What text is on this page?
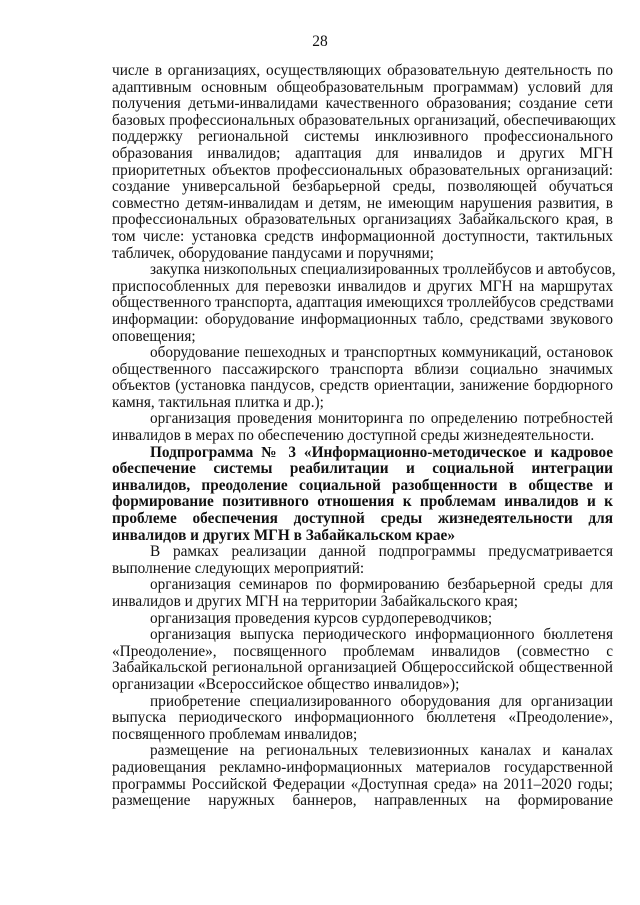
28
числе в организациях, осуществляющих образовательную деятельность по
адаптивным основным общеобразовательным программам) условий для
получения детьми-инвалидами качественного образования; создание сети
базовых профессиональных образовательных организаций, обеспечивающих
поддержку региональной системы инклюзивного профессионального
образования инвалидов; адаптация для инвалидов и других МГН
приоритетных объектов профессиональных образовательных организаций:
создание универсальной безбарьерной среды, позволяющей обучаться
совместно детям-инвалидам и детям, не имеющим нарушения развития, в
профессиональных образовательных организациях Забайкальского края, в
том числе: установка средств информационной доступности, тактильных
табличек, оборудование пандусами и поручнями;
закупка низкопольных специализированных троллейбусов и автобусов,
приспособленных для перевозки инвалидов и других МГН на маршрутах
общественного транспорта, адаптация имеющихся троллейбусов средствами
информации: оборудование информационных табло, средствами звукового
оповещения;
оборудование пешеходных и транспортных коммуникаций, остановок
общественного пассажирского транспорта вблизи социально значимых
объектов (установка пандусов, средств ориентации, занижение бордюрного
камня, тактильная плитка и др.);
организация проведения мониторинга по определению потребностей
инвалидов в мерах по обеспечению доступной среды жизнедеятельности.
Подпрограмма № 3 «Информационно-методическое и кадровое
обеспечение системы реабилитации и социальной интеграции
инвалидов, преодоление социальной разобщенности в обществе и
формирование позитивного отношения к проблемам инвалидов и к
проблеме обеспечения доступной среды жизнедеятельности для
инвалидов и других МГН в Забайкальском крае»
В рамках реализации данной подпрограммы предусматривается
выполнение следующих мероприятий:
организация семинаров по формированию безбарьерной среды для
инвалидов и других МГН на территории Забайкальского края;
организация проведения курсов сурдопереводчиков;
организация выпуска периодического информационного бюллетеня
«Преодоление», посвященного проблемам инвалидов (совместно с
Забайкальской региональной организацией Общероссийской общественной
организации «Всероссийское общество инвалидов»);
приобретение специализированного оборудования для организации
выпуска периодического информационного бюллетеня «Преодоление»,
посвященного проблемам инвалидов;
размещение на региональных телевизионных каналах и каналах
радиовещания рекламно-информационных материалов государственной
программы Российской Федерации «Доступная среда» на 2011–2020 годы;
размещение наружных баннеров, направленных на формирование
